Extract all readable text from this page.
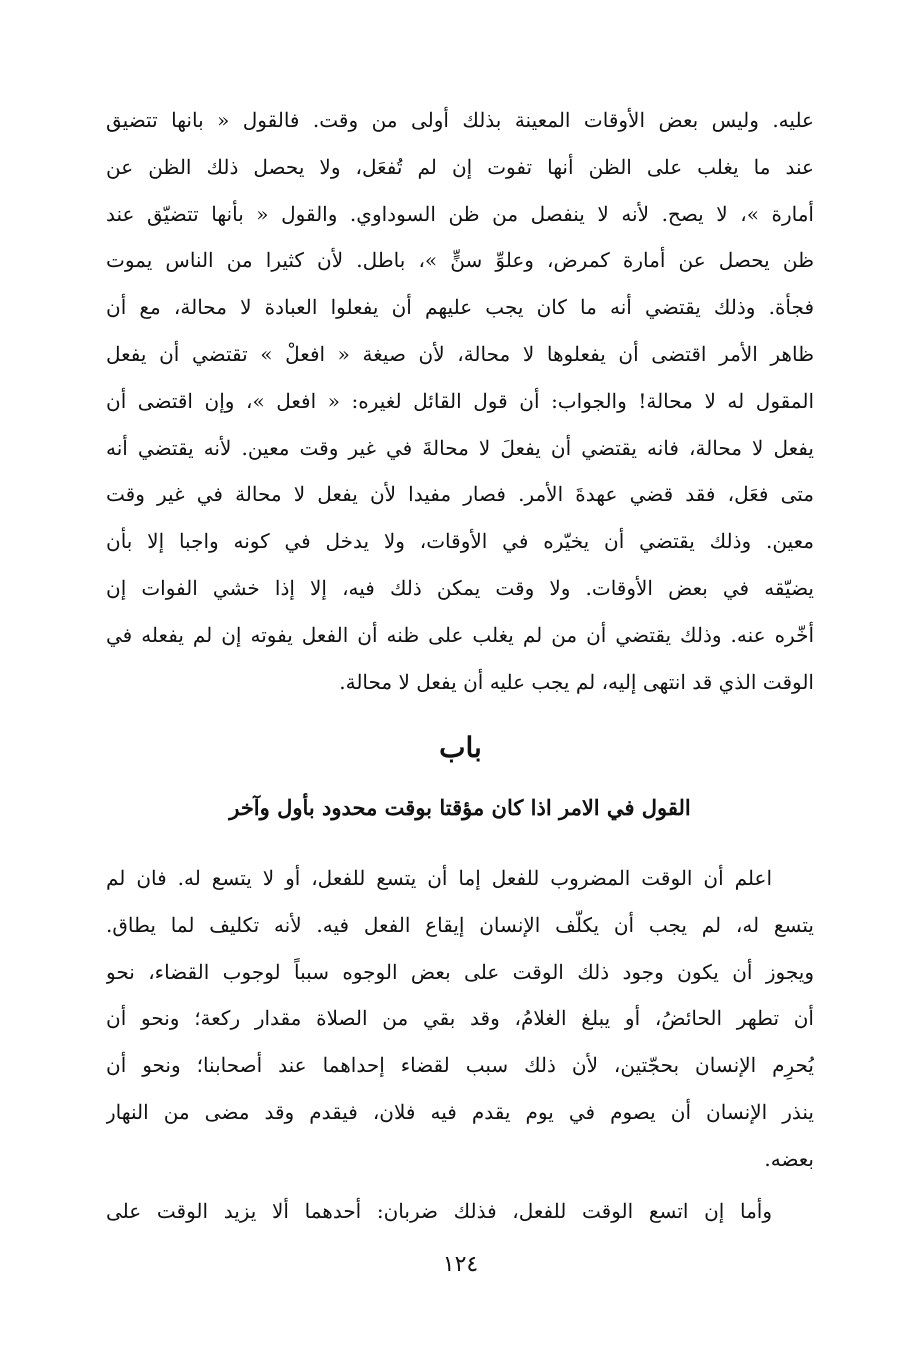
عليه. وليس بعض الأوقات المعينة بذلك أولى من وقت. فالقول « بانها تتضيق
عند ما يغلب على الظن أنها تفوت إن لم تُفعَل، ولا يحصل ذلك الظن عن
أمارة »، لا يصح. لأنه لا ينفصل من ظن السوداوي. والقول « بأنها تتضيّق عند
ظن يحصل عن أمارة كمرض، وعلوِّ سنٍّ »، باطل. لأن كثيرا من الناس يموت
فجأة. وذلك يقتضي أنه ما كان يجب عليهم أن يفعلوا العبادة لا محالة، مع أن
ظاهر الأمر اقتضى أن يفعلوها لا محالة، لأن صيغة « افعلْ » تقتضي أن يفعل
المقول له لا محالة! والجواب: أن قول القائل لغيره: « افعل »، وإن اقتضى أن
يفعل لا محالة، فانه يقتضي أن يفعلَ لا محالةَ في غير وقت معين. لأنه يقتضي أنه
متى فعَل، فقد قضي عهدةَ الأمر. فصار مفيدا لأن يفعل لا محالة في غير وقت
معين. وذلك يقتضي أن يخيّره في الأوقات، ولا يدخل في كونه واجبا إلا بأن
يضيّقه في بعض الأوقات. ولا وقت يمكن ذلك فيه، إلا إذا خشي الفوات إن
أخّره عنه. وذلك يقتضي أن من لم يغلب على ظنه أن الفعل يفوته إن لم يفعله في
الوقت الذي قد انتهى إليه، لم يجب عليه أن يفعل لا محالة.
باب
القول في الامر اذا كان مؤقتا بوقت محدود بأول وآخر
اعلم أن الوقت المضروب للفعل إما أن يتسع للفعل، أو لا يتسع له. فان لم
يتسع له، لم يجب أن يكلّف الإنسان إيقاع الفعل فيه. لأنه تكليف لما يطاق.
ويجوز أن يكون وجود ذلك الوقت على بعض الوجوه سبباً لوجوب القضاء، نحو
أن تطهر الحائضُ، أو يبلغ الغلامُ، وقد بقي من الصلاة مقدار ركعة؛ ونحو أن
يُحرِم الإنسان بحجّتين، لأن ذلك سبب لقضاء إحداهما عند أصحابنا؛ ونحو أن
ينذر الإنسان أن يصوم في يوم يقدم فيه فلان، فيقدم وقد مضى من النهار
بعضه.
وأما إن اتسع الوقت للفعل، فذلك ضربان: أحدهما ألا يزيد الوقت على
١٢٤
